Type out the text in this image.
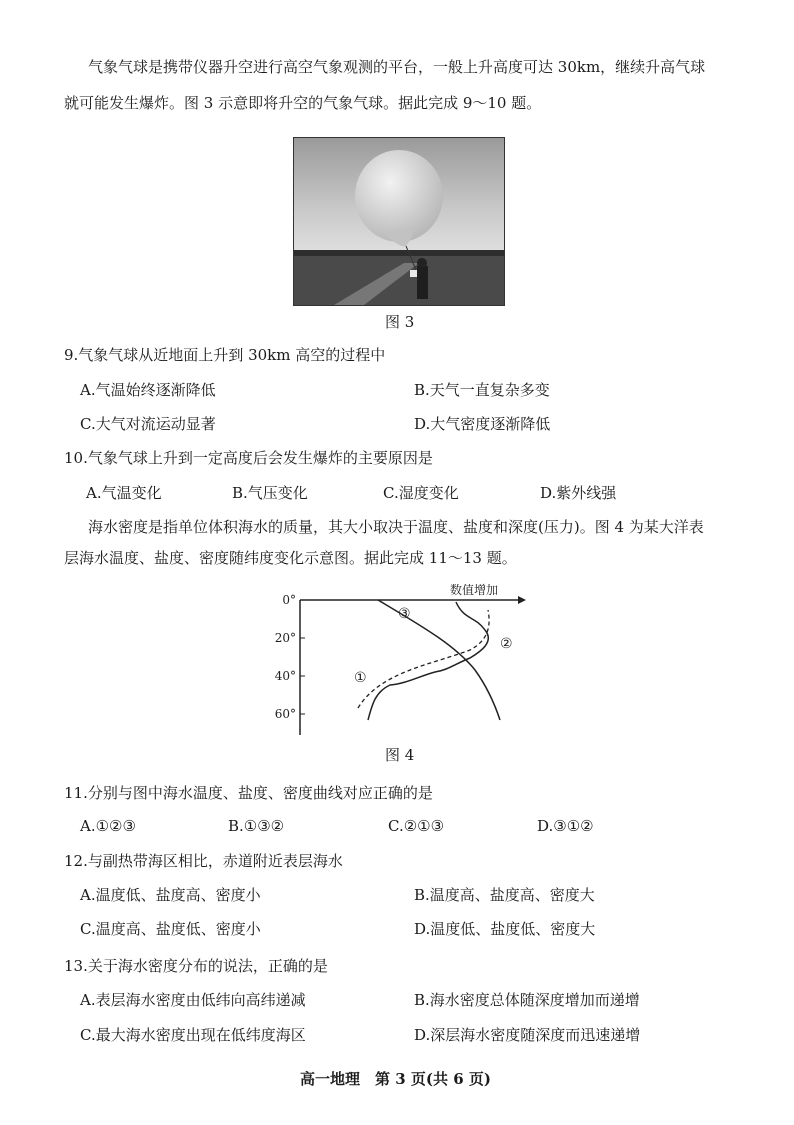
气象气球是携带仪器升空进行高空气象观测的平台，一般上升高度可达 30km，继续升高气球
就可能发生爆炸。图 3 示意即将升空的气象气球。据此完成 9～10 题。
图 3
9.气象气球从近地面上升到 30km 高空的过程中
A.气温始终逐渐降低	B.天气一直复杂多变
C.大气对流运动显著	D.大气密度逐渐降低
10.气象气球上升到一定高度后会发生爆炸的主要原因是
A.气温变化	B.气压变化	C.湿度变化	D.紫外线强
海水密度是指单位体积海水的质量，其大小取决于温度、盐度和深度(压力)。图 4 为某大洋表
层海水温度、盐度、密度随纬度变化示意图。据此完成 11～13 题。
0°
20°
40°
60°
数值增加
①
②
③
图 4
11.分别与图中海水温度、盐度、密度曲线对应正确的是
A.①②③	B.①③②	C.②①③	D.③①②
12.与副热带海区相比，赤道附近表层海水
A.温度低、盐度高、密度小	B.温度高、盐度高、密度大
C.温度高、盐度低、密度小	D.温度低、盐度低、密度大
13.关于海水密度分布的说法，正确的是
A.表层海水密度由低纬向高纬递减	B.海水密度总体随深度增加而递增
C.最大海水密度出现在低纬度海区	D.深层海水密度随深度而迅速递增
高一地理　第 3 页(共 6 页)
